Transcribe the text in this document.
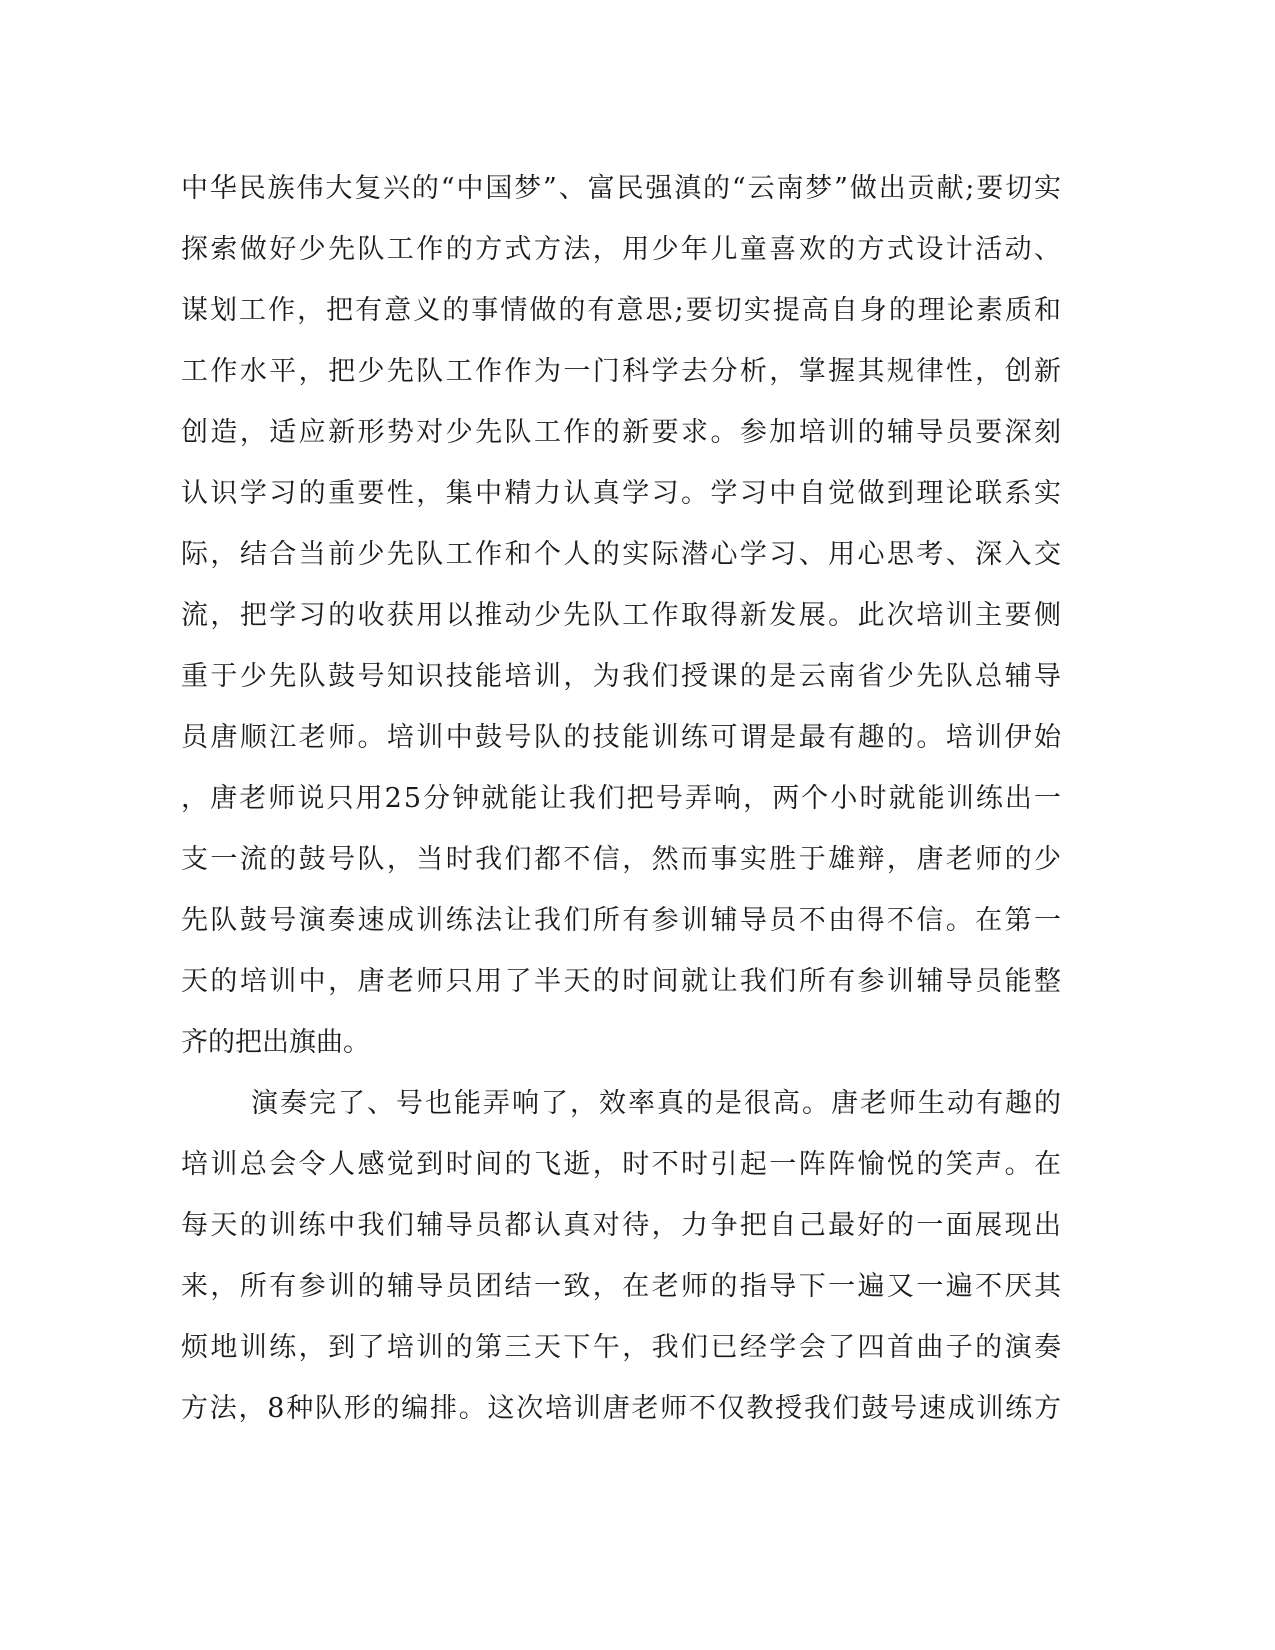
中华民族伟大复兴的“中国梦”、富民强滇的“云南梦”做出贡献;要切实
探索做好少先队工作的方式方法，用少年儿童喜欢的方式设计活动、
谋划工作，把有意义的事情做的有意思;要切实提高自身的理论素质和
工作水平，把少先队工作作为一门科学去分析，掌握其规律性，创新
创造，适应新形势对少先队工作的新要求。参加培训的辅导员要深刻
认识学习的重要性，集中精力认真学习。学习中自觉做到理论联系实
际，结合当前少先队工作和个人的实际潜心学习、用心思考、深入交
流，把学习的收获用以推动少先队工作取得新发展。此次培训主要侧
重于少先队鼓号知识技能培训，为我们授课的是云南省少先队总辅导
员唐顺江老师。培训中鼓号队的技能训练可谓是最有趣的。培训伊始
，唐老师说只用25分钟就能让我们把号弄响，两个小时就能训练出一
支一流的鼓号队，当时我们都不信，然而事实胜于雄辩，唐老师的少
先队鼓号演奏速成训练法让我们所有参训辅导员不由得不信。在第一
天的培训中，唐老师只用了半天的时间就让我们所有参训辅导员能整
齐的把出旗曲。
演奏完了、号也能弄响了，效率真的是很高。唐老师生动有趣的
培训总会令人感觉到时间的飞逝，时不时引起一阵阵愉悦的笑声。在
每天的训练中我们辅导员都认真对待，力争把自己最好的一面展现出
来，所有参训的辅导员团结一致，在老师的指导下一遍又一遍不厌其
烦地训练，到了培训的第三天下午，我们已经学会了四首曲子的演奏
方法，8种队形的编排。这次培训唐老师不仅教授我们鼓号速成训练方
